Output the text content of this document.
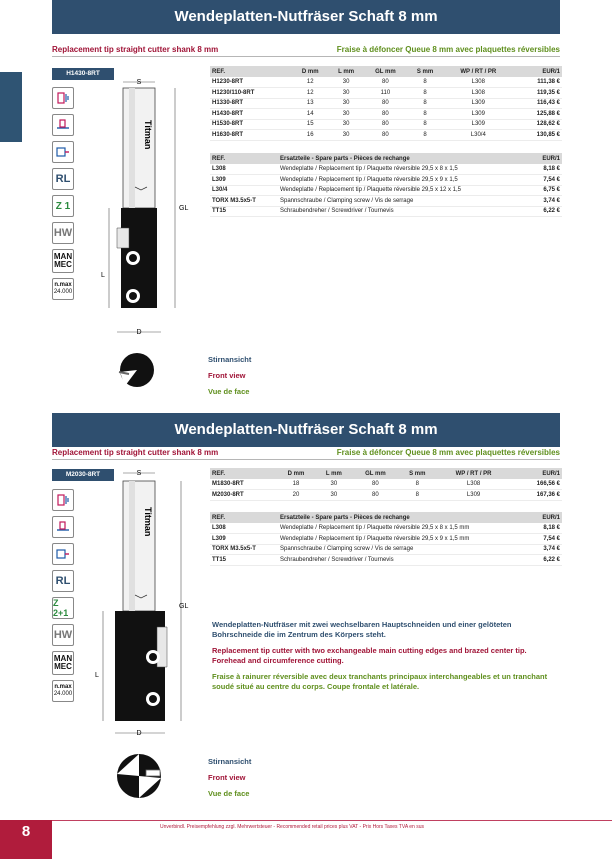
Wendeplatten-Nutfräser Schaft 8 mm
Replacement tip straight cutter shank 8 mm	Fraise à défoncer Queue 8 mm avec plaquettes réversibles
H1430-8RT
RL
Z 1
HW
MAN
MEC
n.max
24.000
S
Titman
GL
L
D
REF.	D mm	L mm	GL mm	S mm	WP / RT / PR	EUR/1
H1230-8RT	12	30	80	8	L308	111,38 €
H1230/110-8RT	12	30	110	8	L308	119,35 €
H1330-8RT	13	30	80	8	L309	116,43 €
H1430-8RT	14	30	80	8	L309	125,88 €
H1530-8RT	15	30	80	8	L309	128,62 €
H1630-8RT	16	30	80	8	L30/4	130,85 €
REF.	Ersatzteile - Spare parts - Pièces de rechange	EUR/1
L308	Wendeplatte / Replacement tip / Plaquette réversible 29,5 x 8 x 1,5	8,18 €
L309	Wendeplatte / Replacement tip / Plaquette réversible 29,5 x 9 x 1,5	7,54 €
L30/4	Wendeplatte / Replacement tip / Plaquette réversible 29,5 x 12 x 1,5	6,75 €
TORX M3.5x5-T	Spannschraube / Clamping screw / Vis de serrage	3,74 €
TT15	Schraubendreher / Screwdriver / Tournevis	6,22 €
Stirnansicht
Front view
Vue de face
Wendeplatten-Nutfräser Schaft 8 mm
Replacement tip straight cutter shank 8 mm	Fraise à défoncer Queue 8 mm avec plaquettes réversibles
M2030-8RT
RL
Z 2+1
HW
MAN
MEC
n.max
24.000
S
Titman
GL
L
D
REF.	D mm	L mm	GL mm	S mm	WP / RT / PR	EUR/1
M1830-8RT	18	30	80	8	L308	166,56 €
M2030-8RT	20	30	80	8	L309	167,36 €
REF.	Ersatzteile - Spare parts - Pièces de rechange	EUR/1
L308	Wendeplatte / Replacement tip / Plaquette réversible 29,5 x 8 x 1,5 mm	8,18 €
L309	Wendeplatte / Replacement tip / Plaquette réversible 29,5 x 9 x 1,5 mm	7,54 €
TORX M3.5x5-T	Spannschraube / Clamping screw / Vis de serrage	3,74 €
TT15	Schraubendreher / Screwdriver / Tournevis	6,22 €

Wendeplatten-Nutfräser mit zwei wechselbaren Hauptschneiden und einer gelöteten Bohrschneide die im Zentrum des Körpers steht.

Replacement tip cutter with two exchangeable main cutting edges and brazed center tip. Forehead and circumference cutting.

Fraise à rainurer réversible avec deux tranchants principaux interchangeables et un tranchant soudé situé au centre du corps. Coupe frontale et latérale.

Stirnansicht
Front view
Vue de face
8	Unverbindl. Preisempfehlung zzgl. Mehrwertsteuer - Recommended retail prices plus VAT - Prix Hors Taxes TVA en sus
